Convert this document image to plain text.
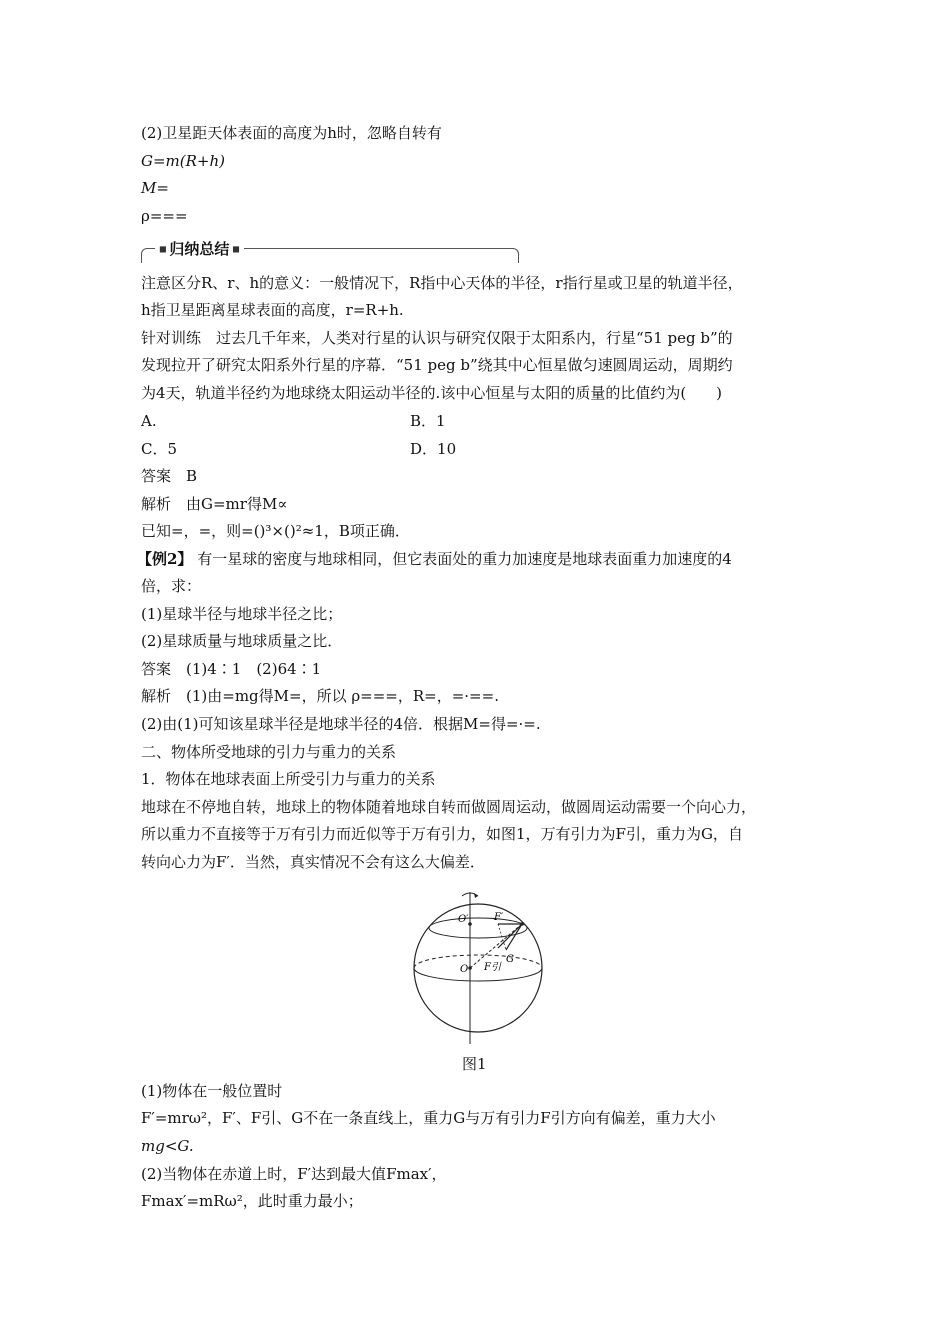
(2)卫星距天体表面的高度为h时，忽略自转有
G=m(R+h)
M=
ρ===
■ 归纳总结 ■
注意区分R、r、h的意义：一般情况下，R指中心天体的半径，r指行星或卫星的轨道半径，
h指卫星距离星球表面的高度，r=R+h.
针对训练　过去几千年来，人类对行星的认识与研究仅限于太阳系内，行星“51 peg b”的
发现拉开了研究太阳系外行星的序幕．“51 peg b”绕其中心恒星做匀速圆周运动，周期约
为4天，轨道半径约为地球绕太阳运动半径的.该中心恒星与太阳的质量的比值约为(　　)
A.	B．1
C．5	D．10
答案　B
解析　由G=mr得M∝
已知=，=，则=()³×()²≈1，B项正确．
【例2】 有一星球的密度与地球相同，但它表面处的重力加速度是地球表面重力加速度的4
倍，求：
(1)星球半径与地球半径之比；
(2)星球质量与地球质量之比．
答案　(1)4∶1　(2)64∶1
解析　(1)由=mg得M=，所以 ρ===，R=，=·==.
(2)由(1)可知该星球半径是地球半径的4倍．根据M=得=·=.
二、物体所受地球的引力与重力的关系
1．物体在地球表面上所受引力与重力的关系
地球在不停地自转，地球上的物体随着地球自转而做圆周运动，做圆周运动需要一个向心力，
所以重力不直接等于万有引力而近似等于万有引力，如图1，万有引力为F引，重力为G，自
转向心力为F′．当然，真实情况不会有这么大偏差．
O′
O
F′
F引
G
图1
(1)物体在一般位置时
F′=mrω²，F′、F引、G不在一条直线上，重力G与万有引力F引方向有偏差，重力大小
mg<G.
(2)当物体在赤道上时，F′达到最大值Fmax′，
Fmax′=mRω²，此时重力最小；
